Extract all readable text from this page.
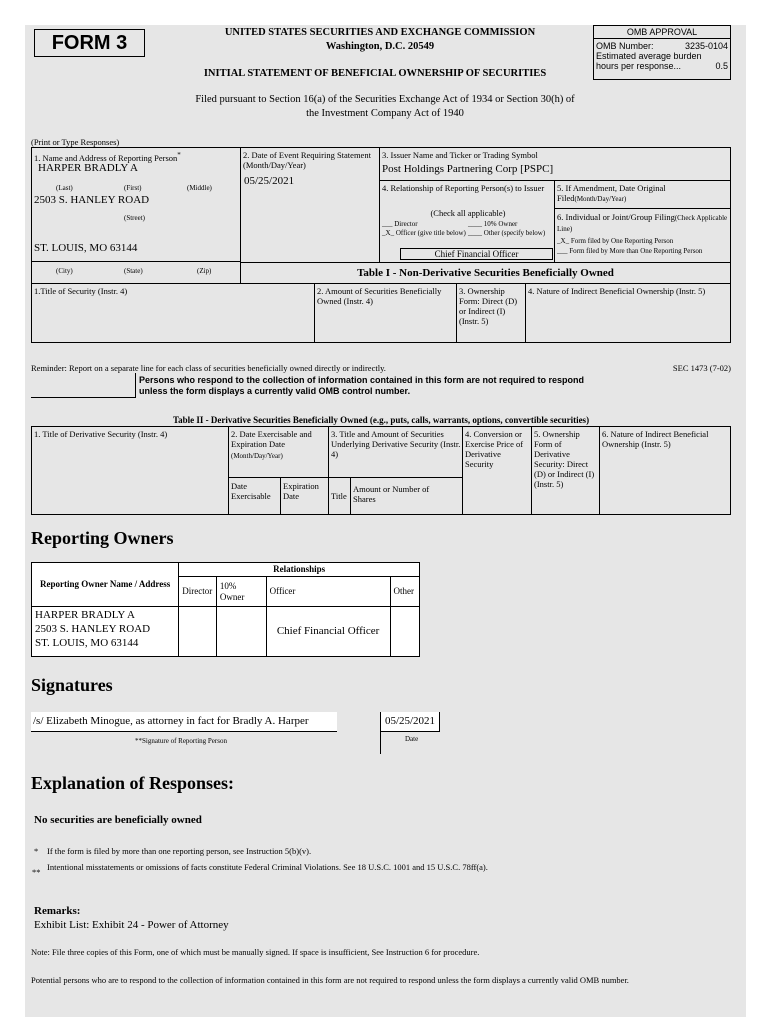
FORM 3	UNITED STATES SECURITIES AND EXCHANGE COMMISSION
Washington, D.C. 20549
INITIAL STATEMENT OF BENEFICIAL OWNERSHIP OF SECURITIES
OMB APPROVAL
OMB Number:	3235-0104
Estimated average burden
hours per response...	0.5
Filed pursuant to Section 16(a) of the Securities Exchange Act of 1934 or Section 30(h) of
the Investment Company Act of 1940
(Print or Type Responses)
1. Name and Address of Reporting Person*
HARPER BRADLY A
(Last)	(First)	(Middle)
2503 S. HANLEY ROAD
(Street)
ST. LOUIS, MO 63144
(City)	(State)	(Zip)
2. Date of Event Requiring Statement (Month/Day/Year)
05/25/2021
3. Issuer Name and Ticker or Trading Symbol
Post Holdings Partnering Corp [PSPC]
4. Relationship of Reporting Person(s) to Issuer
(Check all applicable)
___ Director	____ 10% Owner
_X_ Officer (give title below) ____ Other (specify below)
Chief Financial Officer
5. If Amendment, Date Original Filed(Month/Day/Year)
6. Individual or Joint/Group Filing(Check Applicable Line)
_X_ Form filed by One Reporting Person
___ Form filed by More than One Reporting Person
Table I - Non-Derivative Securities Beneficially Owned
1.Title of Security (Instr. 4)	2. Amount of Securities Beneficially Owned (Instr. 4)
3. Ownership Form: Direct (D) or Indirect (I) (Instr. 5)
4. Nature of Indirect Beneficial Ownership (Instr. 5)
Reminder: Report on a separate line for each class of securities beneficially owned directly or indirectly.	SEC 1473 (7-02)
Persons who respond to the collection of information contained in this form are not required to respond
unless the form displays a currently valid OMB control number.
Table II - Derivative Securities Beneficially Owned (e.g., puts, calls, warrants, options, convertible securities)
1. Title of Derivative Security (Instr. 4)	2. Date Exercisable and Expiration Date
(Month/Day/Year)
Date Exercisable
Expiration Date
3. Title and Amount of Securities Underlying Derivative Security (Instr. 4)
Title
Amount or Number of Shares
4. Conversion or Exercise Price of Derivative Security
5. Ownership Form of Derivative Security: Direct (D) or Indirect (I) (Instr. 5)
6. Nature of Indirect Beneficial Ownership (Instr. 5)
Reporting Owners
Reporting Owner Name / Address	Relationships			
	Director	10% Owner	Officer	Other

HARPER BRADLY A
2503 S. HANLEY ROAD
ST. LOUIS, MO 63144			Chief Financial Officer	
Signatures
/s/ Elizabeth Minogue, as attorney in fact for Bradly A. Harper
**Signature of Reporting Person
05/25/2021
Date
Explanation of Responses:
No securities are beneficially owned
* If the form is filed by more than one reporting person, see Instruction 5(b)(v).
** Intentional misstatements or omissions of facts constitute Federal Criminal Violations. See 18 U.S.C. 1001 and 15 U.S.C. 78ff(a).
Remarks:
Exhibit List: Exhibit 24 - Power of Attorney
Note: File three copies of this Form, one of which must be manually signed. If space is insufficient, See Instruction 6 for procedure.
Potential persons who are to respond to the collection of information contained in this form are not required to respond unless the form displays a currently valid OMB number.
